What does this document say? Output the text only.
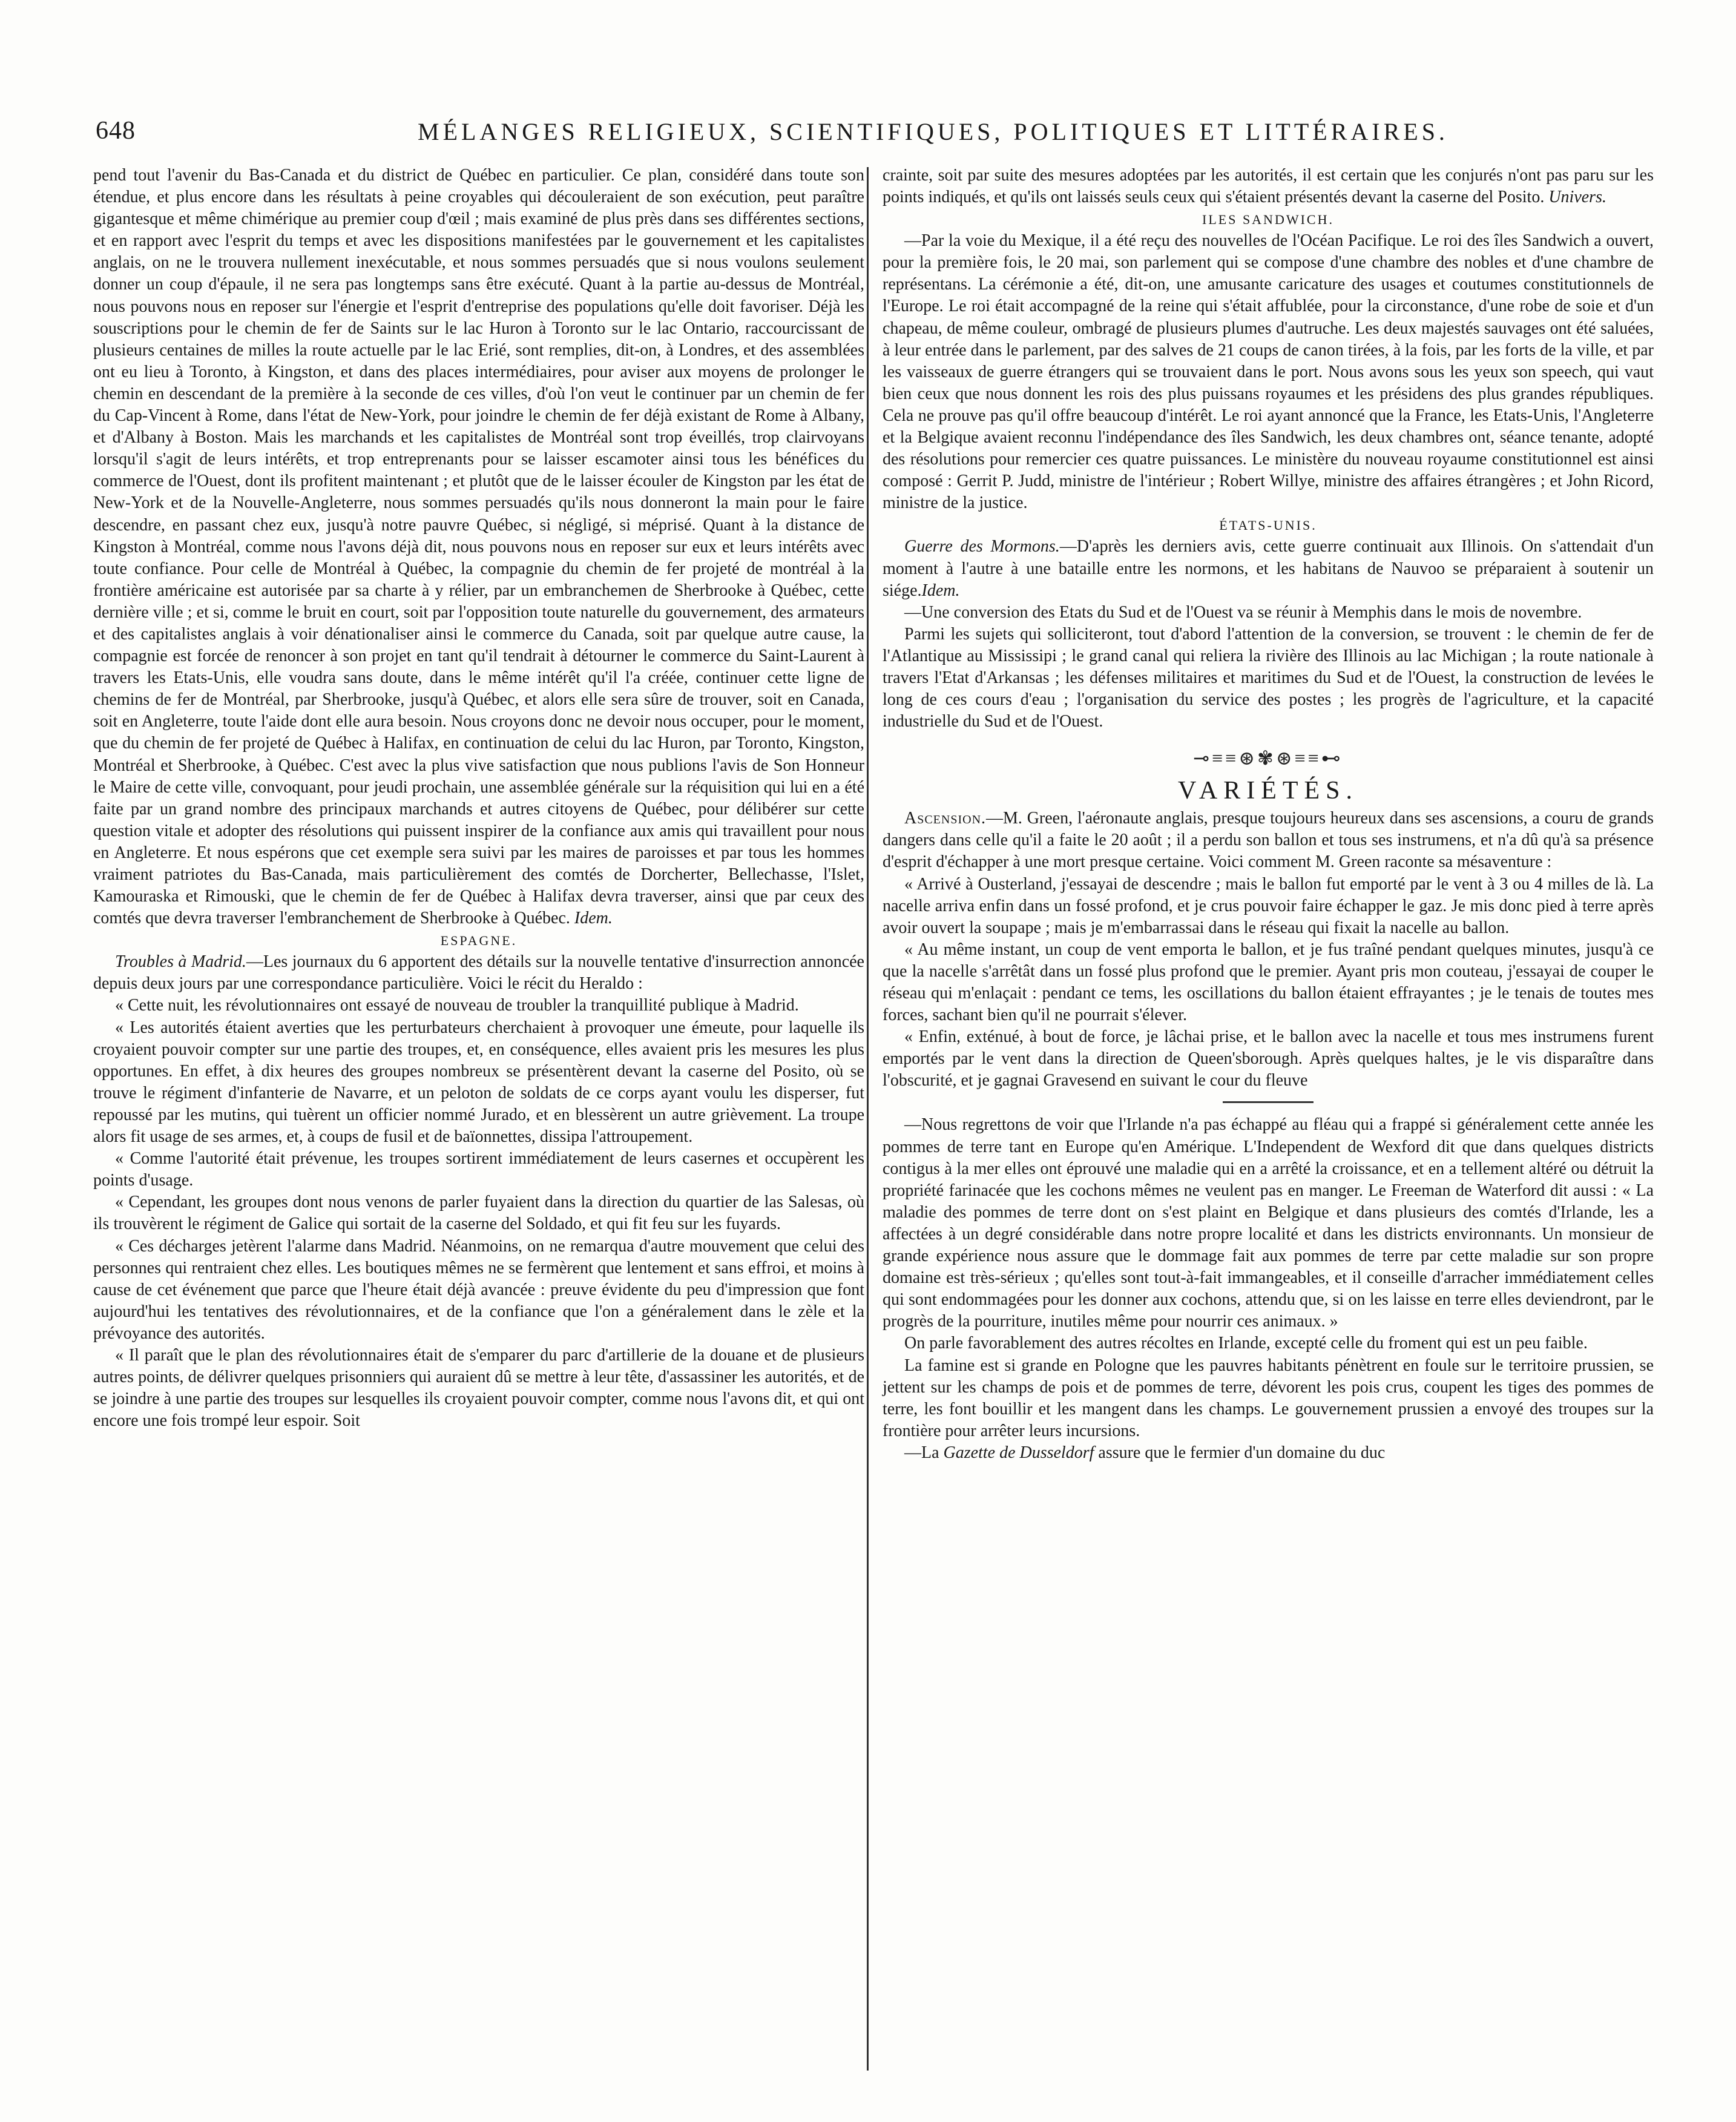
648	MÉLANGES RELIGIEUX, SCIENTIFIQUES, POLITIQUES ET LITTÉRAIRES.

pend tout l'avenir du Bas-Canada et du district de Québec en particulier. Ce plan, considéré dans toute son étendue, et plus encore dans les résultats à peine croyables qui découleraient de son exécution, peut paraître gigantesque et même chimérique au premier coup d'œil ; mais examiné de plus près dans ses différentes sections, et en rapport avec l'esprit du temps et avec les dispositions manifestées par le gouvernement et les capitalistes anglais, on ne le trouvera nullement inexécutable, et nous sommes persuadés que si nous voulons seulement donner un coup d'épaule, il ne sera pas longtemps sans être exécuté. Quant à la partie au-dessus de Montréal, nous pouvons nous en reposer sur l'énergie et l'esprit d'entreprise des populations qu'elle doit favoriser. Déjà les souscriptions pour le chemin de fer de Saints sur le lac Huron à Toronto sur le lac Ontario, raccourcissant de plusieurs centaines de milles la route actuelle par le lac Erié, sont remplies, dit-on, à Londres, et des assemblées ont eu lieu à Toronto, à Kingston, et dans des places intermédiaires, pour aviser aux moyens de prolonger le chemin en descendant de la première à la seconde de ces villes, d'où l'on veut le continuer par un chemin de fer du Cap-Vincent à Rome, dans l'état de New-York, pour joindre le chemin de fer déjà existant de Rome à Albany, et d'Albany à Boston. Mais les marchands et les capitalistes de Montréal sont trop éveillés, trop clairvoyans lorsqu'il s'agit de leurs intérêts, et trop entreprenants pour se laisser escamoter ainsi tous les bénéfices du commerce de l'Ouest, dont ils profitent maintenant ; et plutôt que de le laisser écouler de Kingston par les état de New-York et de la Nouvelle-Angleterre, nous sommes persuadés qu'ils nous donneront la main pour le faire descendre, en passant chez eux, jusqu'à notre pauvre Québec, si négligé, si méprisé. Quant à la distance de Kingston à Montréal, comme nous l'avons déjà dit, nous pouvons nous en reposer sur eux et leurs intérêts avec toute confiance. Pour celle de Montréal à Québec, la compagnie du chemin de fer projeté de montréal à la frontière américaine est autorisée par sa charte à y rélier, par un embranchemen de Sherbrooke à Québec, cette dernière ville ; et si, comme le bruit en court, soit par l'opposition toute naturelle du gouvernement, des armateurs et des capitalistes anglais à voir dénationaliser ainsi le commerce du Canada, soit par quelque autre cause, la compagnie est forcée de renoncer à son projet en tant qu'il tendrait à détourner le commerce du Saint-Laurent à travers les Etats-Unis, elle voudra sans doute, dans le même intérêt qu'il l'a créée, continuer cette ligne de chemins de fer de Montréal, par Sherbrooke, jusqu'à Québec, et alors elle sera sûre de trouver, soit en Canada, soit en Angleterre, toute l'aide dont elle aura besoin. Nous croyons donc ne devoir nous occuper, pour le moment, que du chemin de fer projeté de Québec à Halifax, en continuation de celui du lac Huron, par Toronto, Kingston, Montréal et Sherbrooke, à Québec. C'est avec la plus vive satisfaction que nous publions l'avis de Son Honneur le Maire de cette ville, convoquant, pour jeudi prochain, une assemblée générale sur la réquisition qui lui en a été faite par un grand nombre des principaux marchands et autres citoyens de Québec, pour délibérer sur cette question vitale et adopter des résolutions qui puissent inspirer de la confiance aux amis qui travaillent pour nous en Angleterre. Et nous espérons que cet exemple sera suivi par les maires de paroisses et par tous les hommes vraiment patriotes du Bas-Canada, mais particulièrement des comtés de Dorcherter, Bellechasse, l'Islet, Kamouraska et Rimouski, que le chemin de fer de Québec à Halifax devra traverser, ainsi que par ceux des comtés que devra traverser l'embranchement de Sherbrooke à Québec. Idem.

ESPAGNE.

Troubles à Madrid.—Les journaux du 6 apportent des détails sur la nouvelle tentative d'insurrection annoncée depuis deux jours par une correspondance particulière. Voici le récit du Heraldo :

« Cette nuit, les révolutionnaires ont essayé de nouveau de troubler la tranquillité publique à Madrid.

« Les autorités étaient averties que les perturbateurs cherchaient à provoquer une émeute, pour laquelle ils croyaient pouvoir compter sur une partie des troupes, et, en conséquence, elles avaient pris les mesures les plus opportunes. En effet, à dix heures des groupes nombreux se présentèrent devant la caserne del Posito, où se trouve le régiment d'infanterie de Navarre, et un peloton de soldats de ce corps ayant voulu les disperser, fut repoussé par les mutins, qui tuèrent un officier nommé Jurado, et en blessèrent un autre grièvement. La troupe alors fit usage de ses armes, et, à coups de fusil et de baïonnettes, dissipa l'attroupement.

« Comme l'autorité était prévenue, les troupes sortirent immédiatement de leurs casernes et occupèrent les points d'usage.

« Cependant, les groupes dont nous venons de parler fuyaient dans la direction du quartier de las Salesas, où ils trouvèrent le régiment de Galice qui sortait de la caserne del Soldado, et qui fit feu sur les fuyards.

« Ces décharges jetèrent l'alarme dans Madrid. Néanmoins, on ne remarqua d'autre mouvement que celui des personnes qui rentraient chez elles. Les boutiques mêmes ne se fermèrent que lentement et sans effroi, et moins à cause de cet événement que parce que l'heure était déjà avancée : preuve évidente du peu d'impression que font aujourd'hui les tentatives des révolutionnaires, et de la confiance que l'on a généralement dans le zèle et la prévoyance des autorités.

« Il paraît que le plan des révolutionnaires était de s'emparer du parc d'artillerie de la douane et de plusieurs autres points, de délivrer quelques prisonniers qui auraient dû se mettre à leur tête, d'assassiner les autorités, et de se joindre à une partie des troupes sur lesquelles ils croyaient pouvoir compter, comme nous l'avons dit, et qui ont encore une fois trompé leur espoir. Soit

crainte, soit par suite des mesures adoptées par les autorités, il est certain que les conjurés n'ont pas paru sur les points indiqués, et qu'ils ont laissés seuls ceux qui s'étaient présentés devant la caserne del Posito. Univers.

ILES SANDWICH.

—Par la voie du Mexique, il a été reçu des nouvelles de l'Océan Pacifique. Le roi des îles Sandwich a ouvert, pour la première fois, le 20 mai, son parlement qui se compose d'une chambre des nobles et d'une chambre de représentans. La cérémonie a été, dit-on, une amusante caricature des usages et coutumes constitutionnels de l'Europe. Le roi était accompagné de la reine qui s'était affublée, pour la circonstance, d'une robe de soie et d'un chapeau, de même couleur, ombragé de plusieurs plumes d'autruche. Les deux majestés sauvages ont été saluées, à leur entrée dans le parlement, par des salves de 21 coups de canon tirées, à la fois, par les forts de la ville, et par les vaisseaux de guerre étrangers qui se trouvaient dans le port. Nous avons sous les yeux son speech, qui vaut bien ceux que nous donnent les rois des plus puissans royaumes et les présidens des plus grandes républiques. Cela ne prouve pas qu'il offre beaucoup d'intérêt. Le roi ayant annoncé que la France, les Etats-Unis, l'Angleterre et la Belgique avaient reconnu l'indépendance des îles Sandwich, les deux chambres ont, séance tenante, adopté des résolutions pour remercier ces quatre puissances. Le ministère du nouveau royaume constitutionnel est ainsi composé : Gerrit P. Judd, ministre de l'intérieur ; Robert Willye, ministre des affaires étrangères ; et John Ricord, ministre de la justice.

ÉTATS-UNIS.

Guerre des Mormons.—D'après les derniers avis, cette guerre continuait aux Illinois. On s'attendait d'un moment à l'autre à une bataille entre les normons, et les habitans de Nauvoo se préparaient à soutenir un siége.Idem.

—Une conversion des Etats du Sud et de l'Ouest va se réunir à Memphis dans le mois de novembre.

Parmi les sujets qui solliciteront, tout d'abord l'attention de la conversion, se trouvent : le chemin de fer de l'Atlantique au Mississipi ; le grand canal qui reliera la rivière des Illinois au lac Michigan ; la route nationale à travers l'Etat d'Arkansas ; les défenses militaires et maritimes du Sud et de l'Ouest, la construction de levées le long de ces cours d'eau ; l'organisation du service des postes ; les progrès de l'agriculture, et la capacité industrielle du Sud et de l'Ouest.

⊸≡≡⊛✾⊛≡≡⊷
VARIÉTÉS.

Ascension.—M. Green, l'aéronaute anglais, presque toujours heureux dans ses ascensions, a couru de grands dangers dans celle qu'il a faite le 20 août ; il a perdu son ballon et tous ses instrumens, et n'a dû qu'à sa présence d'esprit d'échapper à une mort presque certaine. Voici comment M. Green raconte sa mésaventure :

« Arrivé à Ousterland, j'essayai de descendre ; mais le ballon fut emporté par le vent à 3 ou 4 milles de là. La nacelle arriva enfin dans un fossé profond, et je crus pouvoir faire échapper le gaz. Je mis donc pied à terre après avoir ouvert la soupape ; mais je m'embarrassai dans le réseau qui fixait la nacelle au ballon.

« Au même instant, un coup de vent emporta le ballon, et je fus traîné pendant quelques minutes, jusqu'à ce que la nacelle s'arrêtât dans un fossé plus profond que le premier. Ayant pris mon couteau, j'essayai de couper le réseau qui m'enlaçait : pendant ce tems, les oscillations du ballon étaient effrayantes ; je le tenais de toutes mes forces, sachant bien qu'il ne pourrait s'élever.

« Enfin, exténué, à bout de force, je lâchai prise, et le ballon avec la nacelle et tous mes instrumens furent emportés par le vent dans la direction de Queen'sborough. Après quelques haltes, je le vis disparaître dans l'obscurité, et je gagnai Gravesend en suivant le cour du fleuve

—Nous regrettons de voir que l'Irlande n'a pas échappé au fléau qui a frappé si généralement cette année les pommes de terre tant en Europe qu'en Amérique. L'Independent de Wexford dit que dans quelques districts contigus à la mer elles ont éprouvé une maladie qui en a arrêté la croissance, et en a tellement altéré ou détruit la propriété farinacée que les cochons mêmes ne veulent pas en manger. Le Freeman de Waterford dit aussi : « La maladie des pommes de terre dont on s'est plaint en Belgique et dans plusieurs des comtés d'Irlande, les a affectées à un degré considérable dans notre propre localité et dans les districts environnants. Un monsieur de grande expérience nous assure que le dommage fait aux pommes de terre par cette maladie sur son propre domaine est très-sérieux ; qu'elles sont tout-à-fait immangeables, et il conseille d'arracher immédiatement celles qui sont endommagées pour les donner aux cochons, attendu que, si on les laisse en terre elles deviendront, par le progrès de la pourriture, inutiles même pour nourrir ces animaux. »

On parle favorablement des autres récoltes en Irlande, excepté celle du froment qui est un peu faible.

La famine est si grande en Pologne que les pauvres habitants pénètrent en foule sur le territoire prussien, se jettent sur les champs de pois et de pommes de terre, dévorent les pois crus, coupent les tiges des pommes de terre, les font bouillir et les mangent dans les champs. Le gouvernement prussien a envoyé des troupes sur la frontière pour arrêter leurs incursions.

—La Gazette de Dusseldorf assure que le fermier d'un domaine du duc
